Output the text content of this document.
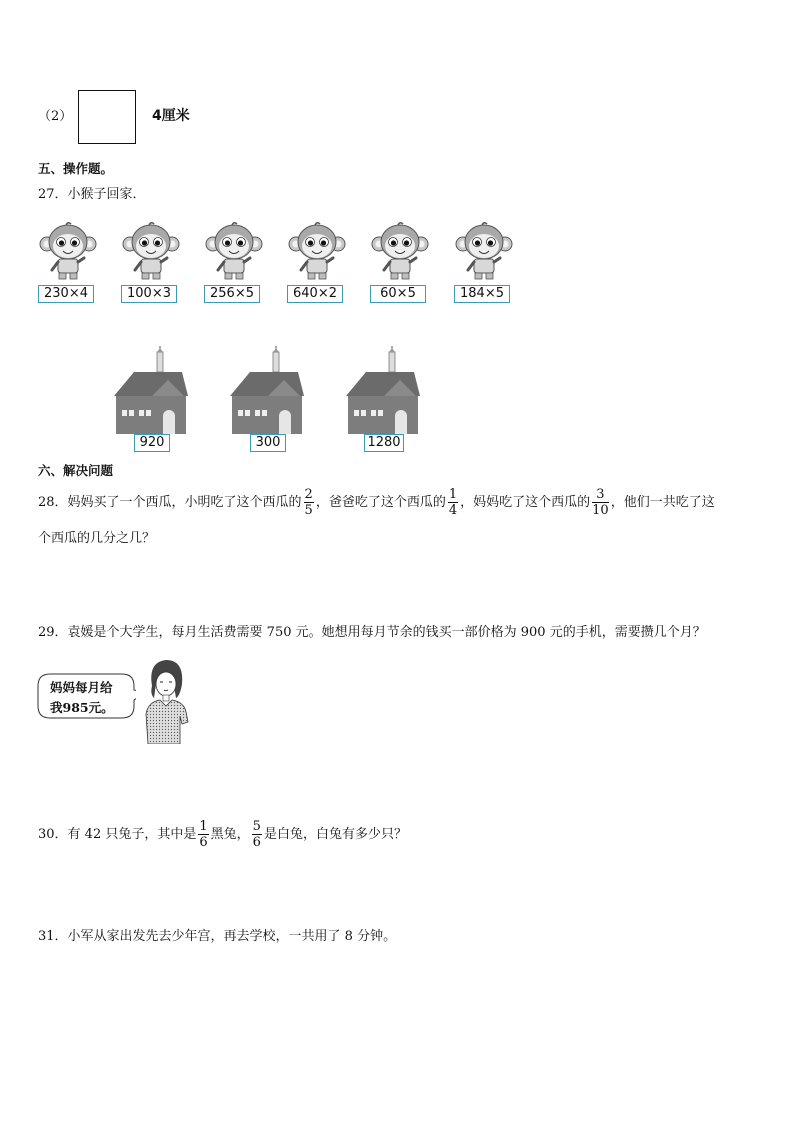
（2）	4厘米
五、操作题。
27．小猴子回家．
230×4	100×3	256×5	640×2	60×5	184×5
920	300	1280
六、解决问题
28．妈妈买了一个西瓜，小明吃了这个西瓜的 $\frac{2}{5}$ ，爸爸吃了这个西瓜的 $\frac{1}{4}$ ，妈妈吃了这个西瓜的 $\frac{3}{10}$ ，他们一共吃了这
个西瓜的几分之几？
29．袁媛是个大学生，每月生活费需要 750 元。她想用每月节余的钱买一部价格为 900 元的手机，需要攒几个月？
妈妈每月给
我985元。
30．有 42 只兔子，其中是 $\frac{1}{6}$ 黑兔， $\frac{5}{6}$ 是白兔，白兔有多少只？
31．小军从家出发先去少年宫，再去学校，一共用了 8 分钟。
